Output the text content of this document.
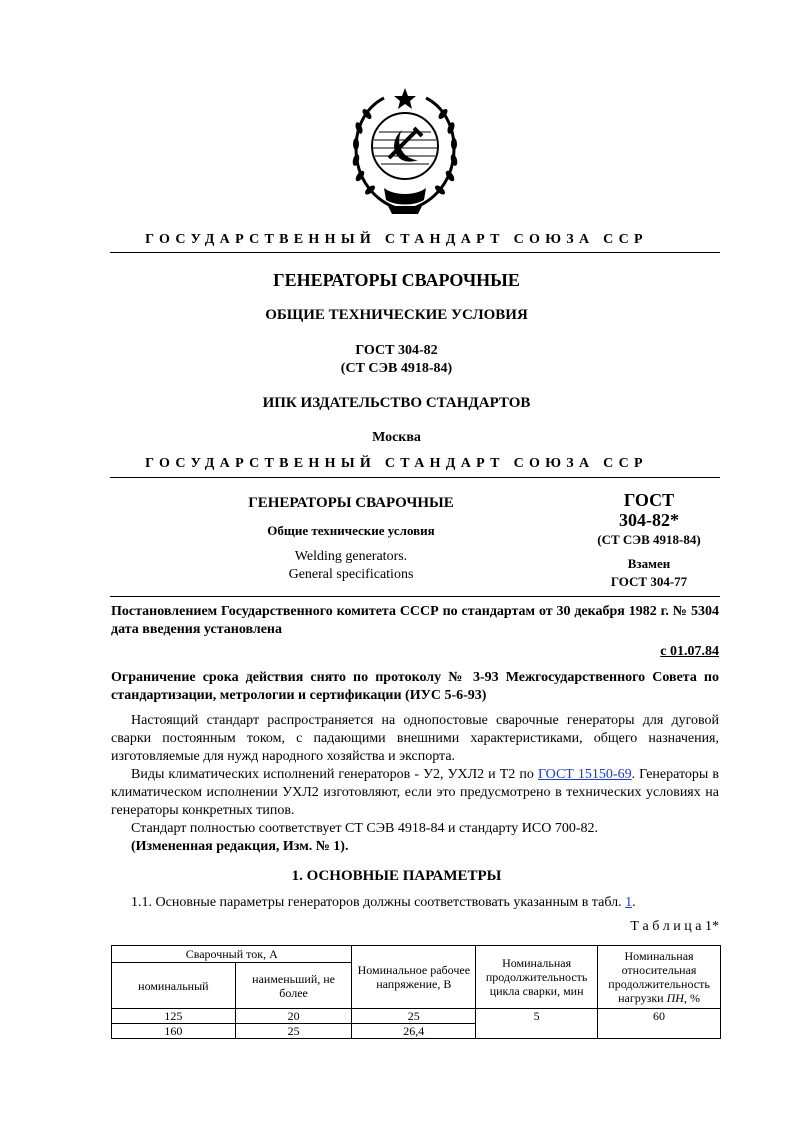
ГОСУДАРСТВЕННЫЙ СТАНДАРТ СОЮЗА ССР
ГЕНЕРАТОРЫ СВАРОЧНЫЕ
ОБЩИЕ ТЕХНИЧЕСКИЕ УСЛОВИЯ
ГОСТ 304-82
(СТ СЭВ 4918-84)
ИПК ИЗДАТЕЛЬСТВО СТАНДАРТОВ
Москва
ГОСУДАРСТВЕННЫЙ СТАНДАРТ СОЮЗА ССР
ГЕНЕРАТОРЫ СВАРОЧНЫЕ
Общие технические условия
Welding generators.
General specifications
ГОСТ
304-82*
(СТ СЭВ 4918-84)
Взамен
ГОСТ 304-77
Постановлением Государственного комитета СССР по стандартам от 30 декабря 1982 г. № 5304 дата введения установлена
с 01.07.84
Ограничение срока действия снято по протоколу № 3-93 Межгосударственного Совета по стандартизации, метрологии и сертификации (ИУС 5-6-93)
Настоящий стандарт распространяется на однопостовые сварочные генераторы для дуговой сварки постоянным током, с падающими внешними характеристиками, общего назначения, изготовляемые для нужд народного хозяйства и экспорта.
Виды климатических исполнений генераторов - У2, УХЛ2 и Т2 по ГОСТ 15150-69. Генераторы в климатическом исполнении УХЛ2 изготовляют, если это предусмотрено в технических условиях на генераторы конкретных типов.
Стандарт полностью соответствует СТ СЭВ 4918-84 и стандарту ИСО 700-82.
(Измененная редакция, Изм. № 1).
1. ОСНОВНЫЕ ПАРАМЕТРЫ
1.1. Основные параметры генераторов должны соответствовать указанным в табл. 1.
Т а б л и ц а 1*
Сварочный ток, А		Номинальное рабочее напряжение, В	Номинальная продолжительность цикла сварки, мин	Номинальная относительная продолжительность нагрузки ПН, %
номинальный	наименьший, не более			
125	20	25	5	60
160	25	26,4		
